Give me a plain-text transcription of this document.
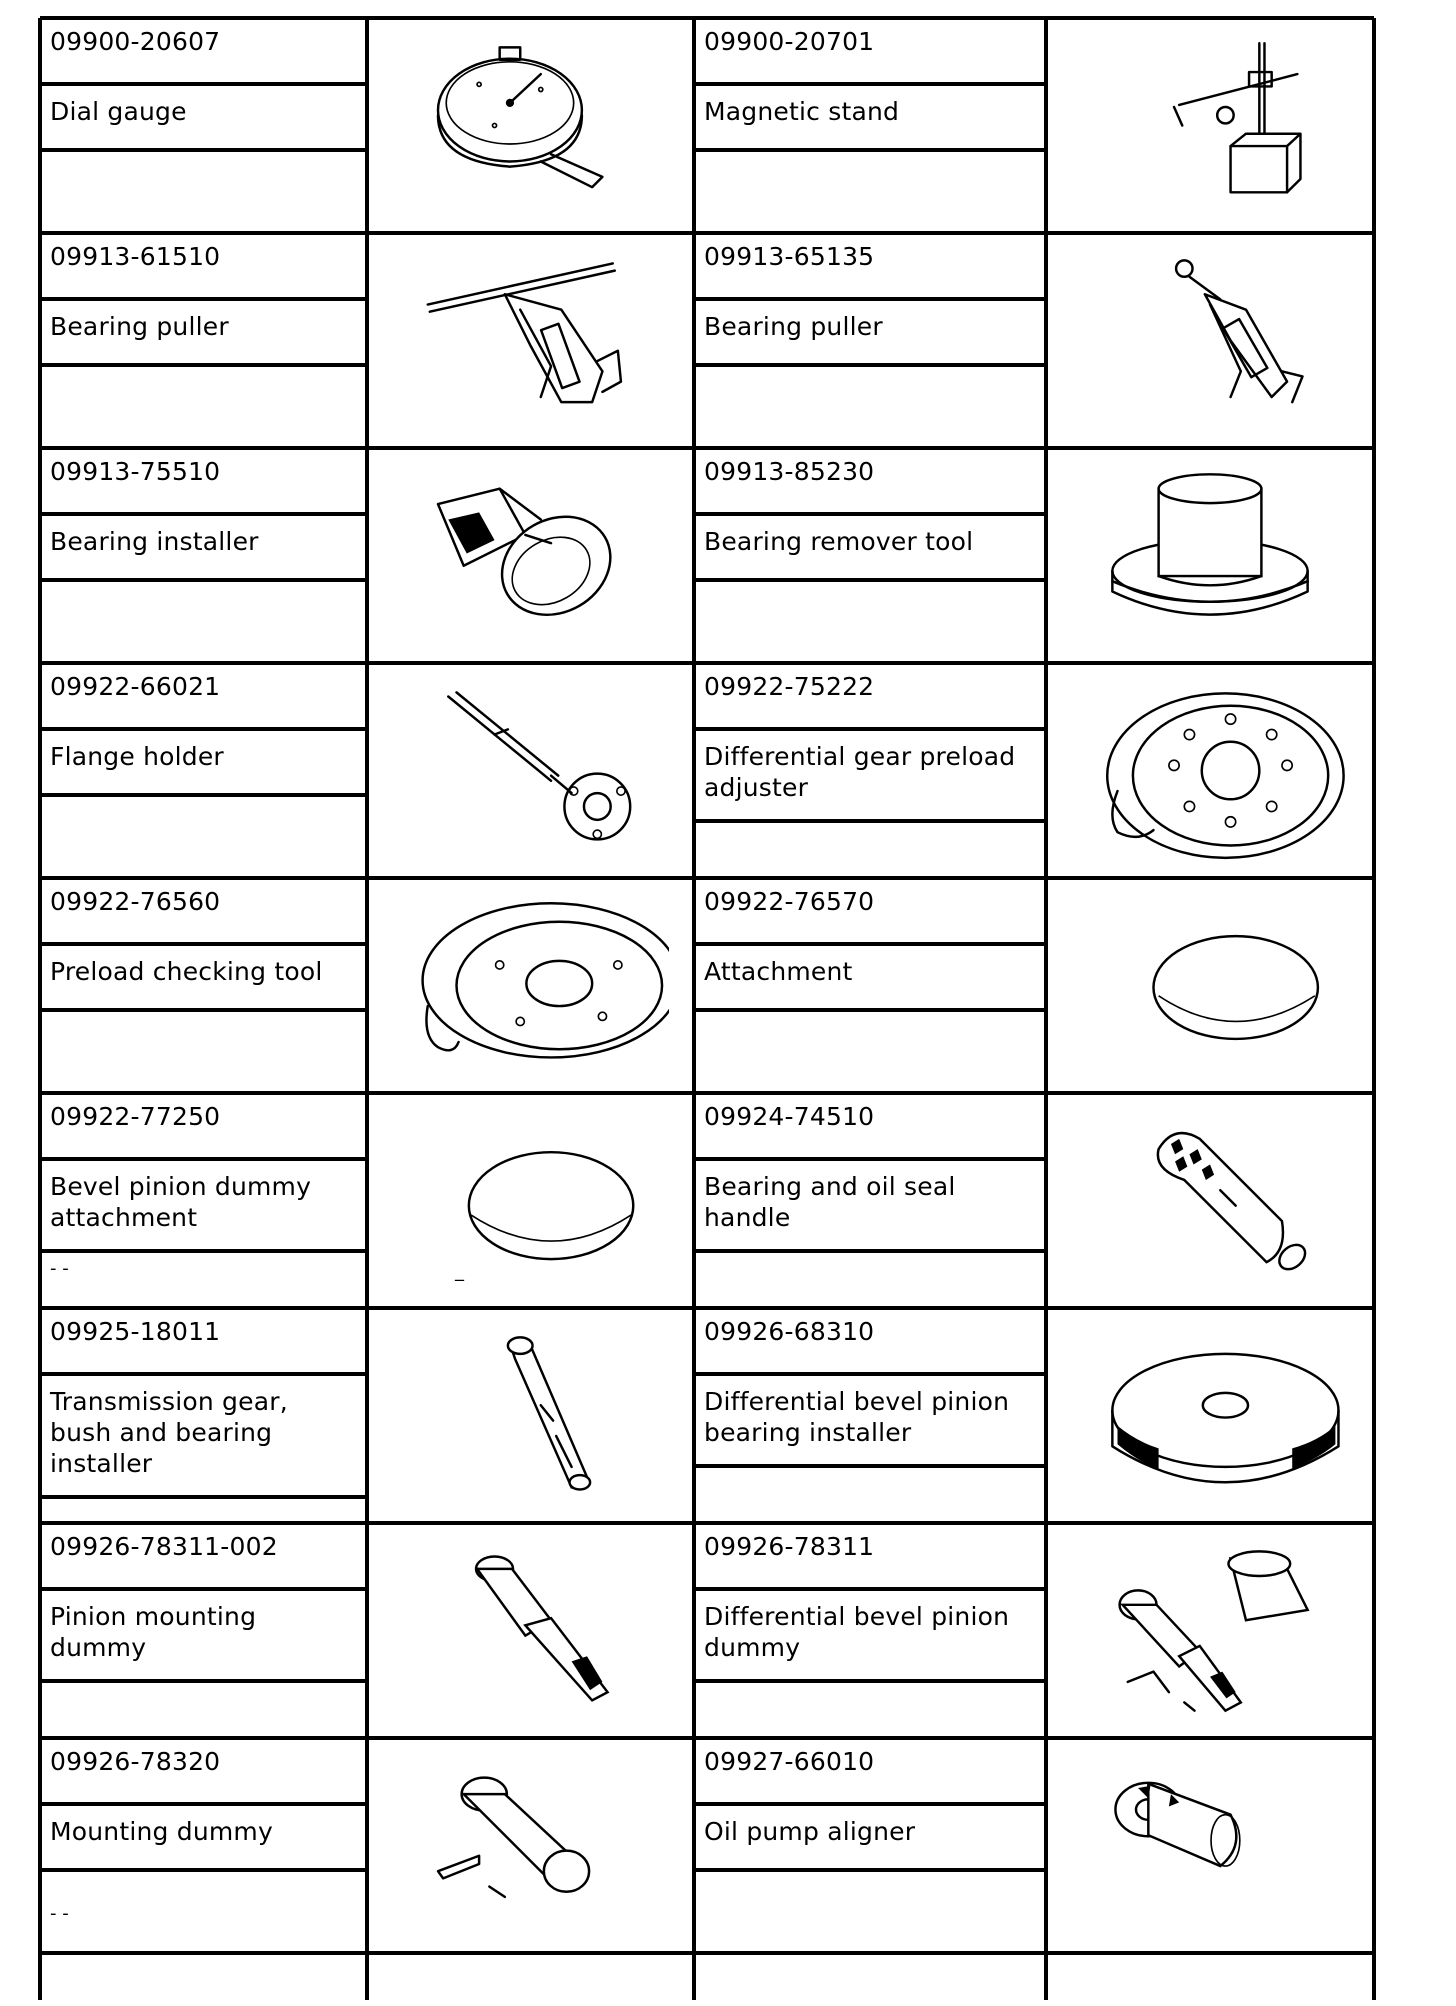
09900-20607
Dial gauge
09900-20701
Magnetic stand
09913-61510
Bearing puller
09913-65135
Bearing puller
09913-75510
Bearing installer
09913-85230
Bearing remover tool
09922-66021
Flange holder
09922-75222
Differential gear preload
adjuster
09922-76560
Preload checking tool
09922-76570
Attachment
09922-77250
Bevel pinion dummy
attachment
09924-74510
Bearing and oil seal
handle
09925-18011
Transmission gear,
bush and bearing
installer
09926-68310
Differential bevel pinion
bearing installer
09926-78311-002
Pinion mounting
dummy
09926-78311
Differential bevel pinion
dummy
09926-78320
Mounting dummy
09927-66010
Oil pump aligner
- -
- -
_
